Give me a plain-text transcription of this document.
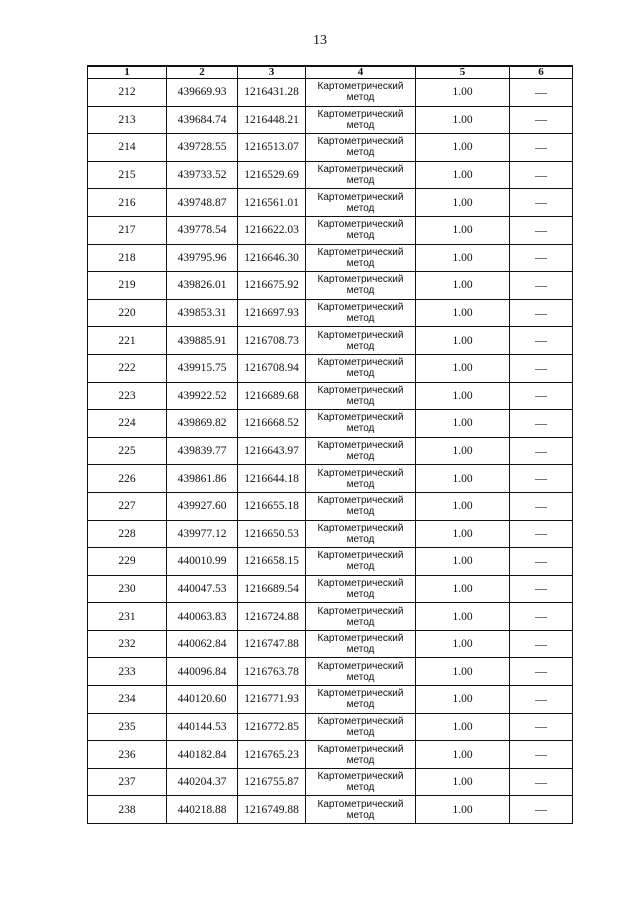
13
1	2	3	4	5	6
212	439669.93	1216431.28	Картометрический метод	1.00	—
213	439684.74	1216448.21	Картометрический метод	1.00	—
214	439728.55	1216513.07	Картометрический метод	1.00	—
215	439733.52	1216529.69	Картометрический метод	1.00	—
216	439748.87	1216561.01	Картометрический метод	1.00	—
217	439778.54	1216622.03	Картометрический метод	1.00	—
218	439795.96	1216646.30	Картометрический метод	1.00	—
219	439826.01	1216675.92	Картометрический метод	1.00	—
220	439853.31	1216697.93	Картометрический метод	1.00	—
221	439885.91	1216708.73	Картометрический метод	1.00	—
222	439915.75	1216708.94	Картометрический метод	1.00	—
223	439922.52	1216689.68	Картометрический метод	1.00	—
224	439869.82	1216668.52	Картометрический метод	1.00	—
225	439839.77	1216643.97	Картометрический метод	1.00	—
226	439861.86	1216644.18	Картометрический метод	1.00	—
227	439927.60	1216655.18	Картометрический метод	1.00	—
228	439977.12	1216650.53	Картометрический метод	1.00	—
229	440010.99	1216658.15	Картометрический метод	1.00	—
230	440047.53	1216689.54	Картометрический метод	1.00	—
231	440063.83	1216724.88	Картометрический метод	1.00	—
232	440062.84	1216747.88	Картометрический метод	1.00	—
233	440096.84	1216763.78	Картометрический метод	1.00	—
234	440120.60	1216771.93	Картометрический метод	1.00	—
235	440144.53	1216772.85	Картометрический метод	1.00	—
236	440182.84	1216765.23	Картометрический метод	1.00	—
237	440204.37	1216755.87	Картометрический метод	1.00	—
238	440218.88	1216749.88	Картометрический метод	1.00	—
